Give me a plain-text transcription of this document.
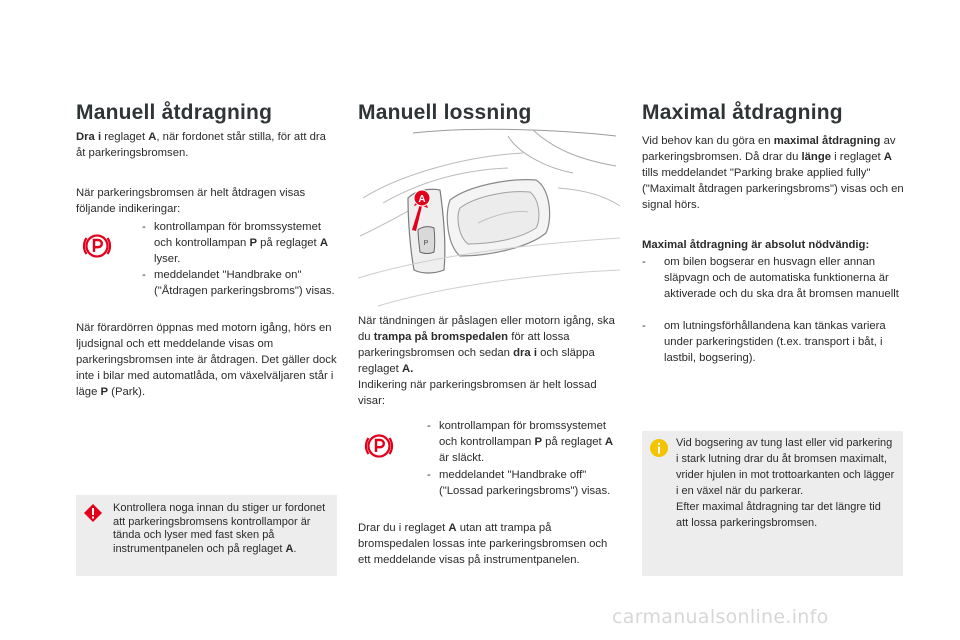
Manuell åtdragning

Dra i reglaget A, när fordonet står stilla, för att dra åt parkeringsbromsen.

När parkeringsbromsen är helt åtdragen visas följande indikeringar:

- kontrollampan för bromssystemet och kontrollampan P på reglaget A lyser.
- meddelandet "Handbrake on" ("Åtdragen parkeringsbroms") visas.

När förardörren öppnas med motorn igång, hörs en ljudsignal och ett meddelande visas om parkeringsbromsen inte är åtdragen. Det gäller dock inte i bilar med automatlåda, om växelväljaren står i läge P (Park).

Kontrollera noga innan du stiger ur fordonet att parkeringsbromsens kontrollampor är tända och lyser med fast sken på instrumentpanelen och på reglaget A.
Manuell lossning
P
A

När tändningen är påslagen eller motorn igång, ska du trampa på bromspedalen för att lossa parkeringsbromsen och sedan dra i och släppa reglaget A.
Indikering när parkeringsbromsen är helt lossad visar:

- kontrollampan för bromssystemet och kontrollampan P på reglaget A är släckt.
- meddelandet "Handbrake off" ("Lossad parkeringsbroms") visas.

Drar du i reglaget A utan att trampa på bromspedalen lossas inte parkeringsbromsen och ett meddelande visas på instrumentpanelen.

Maximal åtdragning

Vid behov kan du göra en maximal åtdragning av parkeringsbromsen. Då drar du länge i reglaget A tills meddelandet "Parking brake applied fully" ("Maximalt åtdragen parkeringsbroms") visas och en signal hörs.

Maximal åtdragning är absolut nödvändig:

- om bilen bogserar en husvagn eller annan släpvagn och de automatiska funktionerna är aktiverade och du ska dra åt bromsen manuellt
- om lutningsförhållandena kan tänkas variera under parkeringstiden (t.ex. transport i båt, i lastbil, bogsering).
Vid bogsering av tung last eller vid parkering i stark lutning drar du åt bromsen maximalt, vrider hjulen in mot trottoarkanten och lägger i en växel när du parkerar.
Efter maximal åtdragning tar det längre tid att lossa parkeringsbromsen.
carmanualsonline.info
